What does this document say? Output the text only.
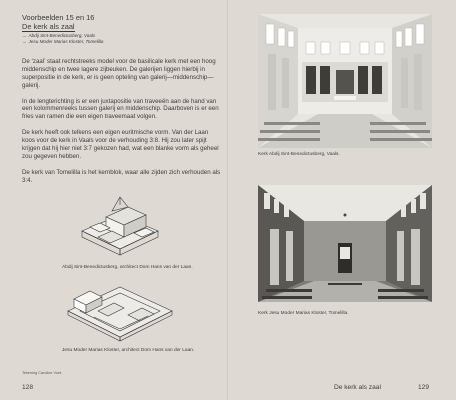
Voorbeelden 15 en 16
De kerk als zaal
→ Abdij Sint-Benedictusberg, Vaals
→ Jesu Moder Marias Kloster, Tomelilla

De ‘zaal’ staat rechtstreeks model voor de basilicale kerk met een hoog middenschip en twee lagere zijbeuken. De galerijen liggen hierbij in superpositie in de kerk, er is geen opteling van galerij—middenschip—galerij.

In de lengterichting is er een juxtapositie van traveeën aan de hand van een kolommenreeks tussen galerij en middenschip. Daarboven is er een fries van ramen die een eigen traveemaat volgen.

De kerk heeft ook telkens een eigen euritmische vorm. Van der Laan koos voor de kerk in Vaals voor de verhouding 3:8. Hij zou later spijt krijgen dat hij hier niet 3:7 gekozen had, wat een blanke vorm als geheel zou gegeven hebben.

De kerk van Tomelilla is het kernblok, waar alle zijden zich verhouden als 3:4.

Abdij Sint-Benedictusberg, architect Dom Hans van der Laan.
Jesu Moder Marias Kloster, architect Dom Hans van der Laan.
Tekening Caroline Voet.
128
Kerk Abdij Sint-Benedictusberg, Vaals.
Kerk Jesu Moder Marias Kloster, Tomelilla.
De kerk als zaal	129
